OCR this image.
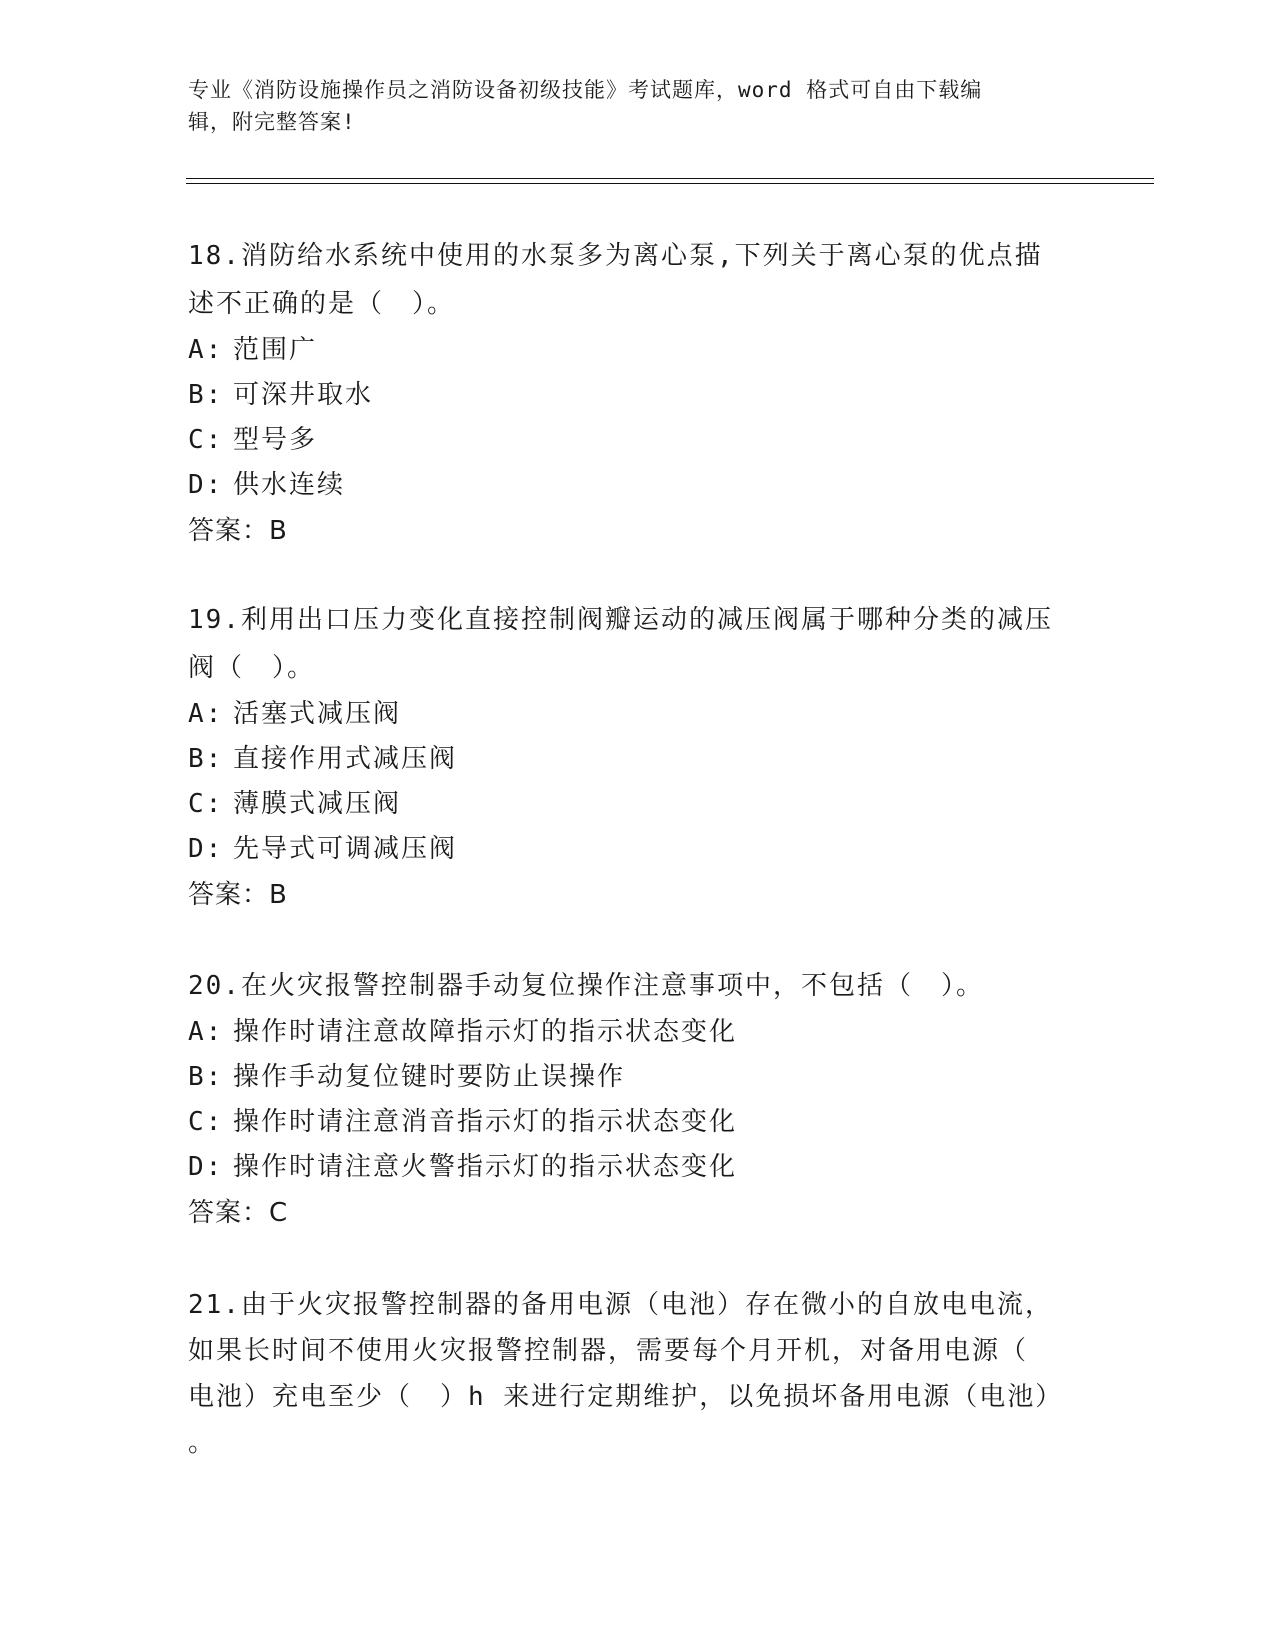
专业《消防设施操作员之消防设备初级技能》考试题库，word 格式可自由下载编
辑，附完整答案!
18.消防给水系统中使用的水泵多为离心泵,下列关于离心泵的优点描
述不正确的是（　）。
A: 范围广
B: 可深井取水
C: 型号多
D: 供水连续
答案：B
19.利用出口压力变化直接控制阀瓣运动的减压阀属于哪种分类的减压
阀（　）。
A: 活塞式减压阀
B: 直接作用式减压阀
C: 薄膜式减压阀
D: 先导式可调减压阀
答案：B
20.在火灾报警控制器手动复位操作注意事项中，不包括（　）。
A: 操作时请注意故障指示灯的指示状态变化
B: 操作手动复位键时要防止误操作
C: 操作时请注意消音指示灯的指示状态变化
D: 操作时请注意火警指示灯的指示状态变化
答案：C
21.由于火灾报警控制器的备用电源（电池）存在微小的自放电电流，
如果长时间不使用火灾报警控制器，需要每个月开机，对备用电源（
电池）充电至少（　）h 来进行定期维护，以免损坏备用电源（电池）
。
